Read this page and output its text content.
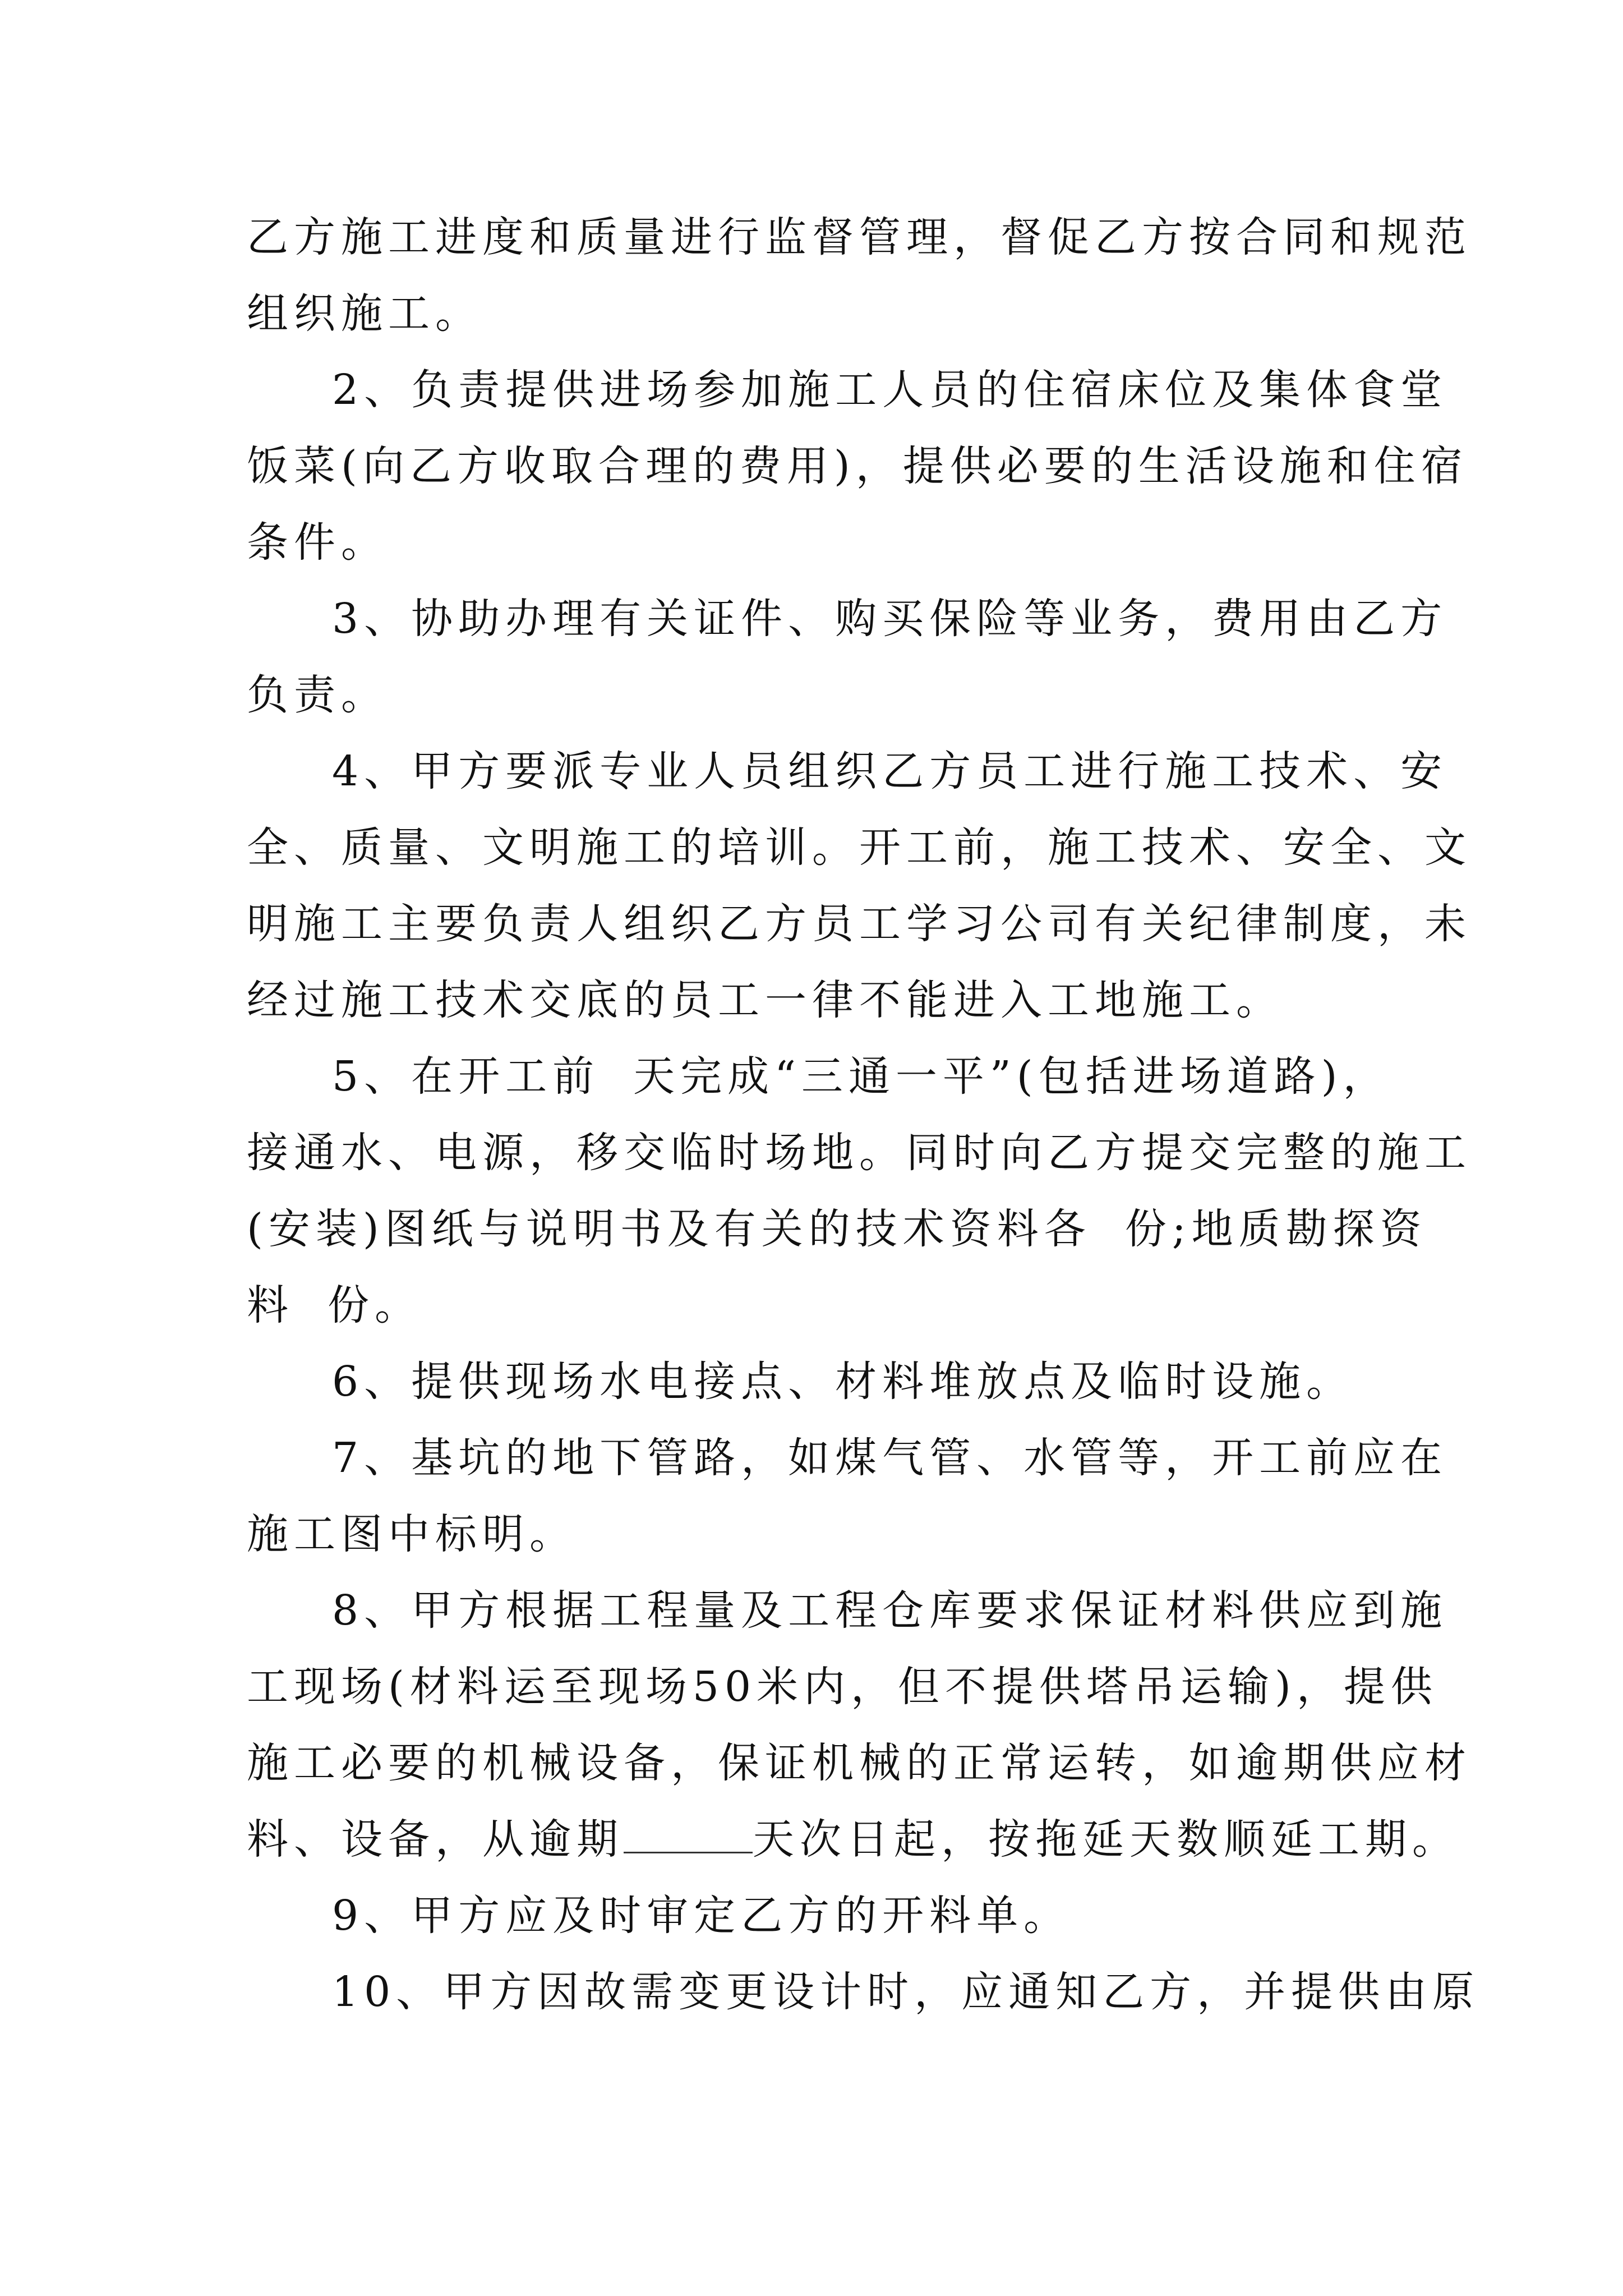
乙方施工进度和质量进行监督管理，督促乙方按合同和规范

组织施工。

2、负责提供进场参加施工人员的住宿床位及集体食堂

饭菜(向乙方收取合理的费用)，提供必要的生活设施和住宿

条件。

3、协助办理有关证件、购买保险等业务，费用由乙方

负责。

4、甲方要派专业人员组织乙方员工进行施工技术、安

全、质量、文明施工的培训。开工前，施工技术、安全、文

明施工主要负责人组织乙方员工学习公司有关纪律制度，未

经过施工技术交底的员工一律不能进入工地施工。

5、在开工前 天完成“三通一平”(包括进场道路)，

接通水、电源，移交临时场地。同时向乙方提交完整的施工

(安装)图纸与说明书及有关的技术资料各 份;地质勘探资

料 份。

6、提供现场水电接点、材料堆放点及临时设施。

7、基坑的地下管路，如煤气管、水管等，开工前应在

施工图中标明。

8、甲方根据工程量及工程仓库要求保证材料供应到施

工现场(材料运至现场50米内，但不提供塔吊运输)，提供

施工必要的机械设备，保证机械的正常运转，如逾期供应材

料、设备，从逾期	天次日起，按拖延天数顺延工期。

9、甲方应及时审定乙方的开料单。

10、甲方因故需变更设计时，应通知乙方，并提供由原
